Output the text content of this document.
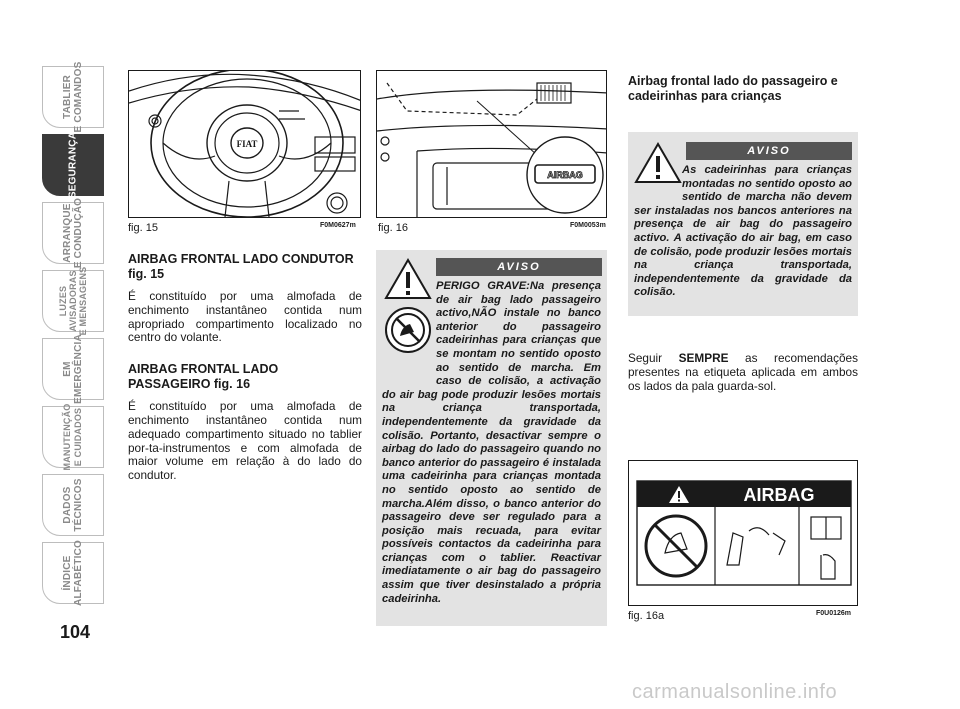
TABLIER
E COMANDOS
SEGURANÇA
ARRANQUE
E CONDUÇÃO
LUZES
AVISADORAS
E MENSAGENS
EM
EMERGÊNCIA
MANUTENÇÃO
E CUIDADOS
DADOS
TÉCNICOS
ÍNDICE
ALFABÉTICO
104
FIAT
fig. 15	F0M0627m
AIRBAG
fig. 16	F0M0053m
AIRBAG FRONTAL LADO CONDUTOR fig. 15
É constituído por uma almofada de enchimento instantâneo contida num apropriado compartimento localizado no centro do volante.
AIRBAG FRONTAL LADO PASSAGEIRO fig. 16
É constituído por uma almofada de enchimento instantâneo contida num adequado compartimento situado no tablier por-ta-instrumentos e com almofada de maior volume em relação à do lado do condutor.
AVISO
PERIGO GRAVE:Na presença de air bag lado passageiro activo,NÃO instale no banco anterior do passageiro cadeirinhas para crianças que se montam no sentido oposto ao sentido de marcha. Em caso de colisão, a activação do air bag pode produzir lesões mortais na criança transportada, independentemente da gravidade da colisão. Portanto, desactivar sempre o airbag do lado do passageiro quando no banco anterior do passageiro é instalada uma cadeirinha para crianças montada no sentido oposto ao sentido de marcha.Além disso, o banco anterior do passageiro deve ser regulado para a posição mais recuada, para evitar possíveis contactos da cadeirinha para crianças com o tablier. Reactivar imediatamente o air bag do passageiro assim que tiver desinstalado a própria cadeirinha.
Airbag frontal lado do passageiro e cadeirinhas para crianças
AVISO
As cadeirinhas para crianças montadas no sentido oposto ao sentido de marcha não devem ser instaladas nos bancos anteriores na presença de air bag do passageiro activo. A activação do air bag, em caso de colisão, pode produzir lesões mortais na criança transportada, independentemente da gravidade da colisão.
Seguir SEMPRE as recomendações presentes na etiqueta aplicada em ambos os lados da pala guarda-sol.
AIRBAG
fig. 16a	F0U0126m
carmanualsonline.info
